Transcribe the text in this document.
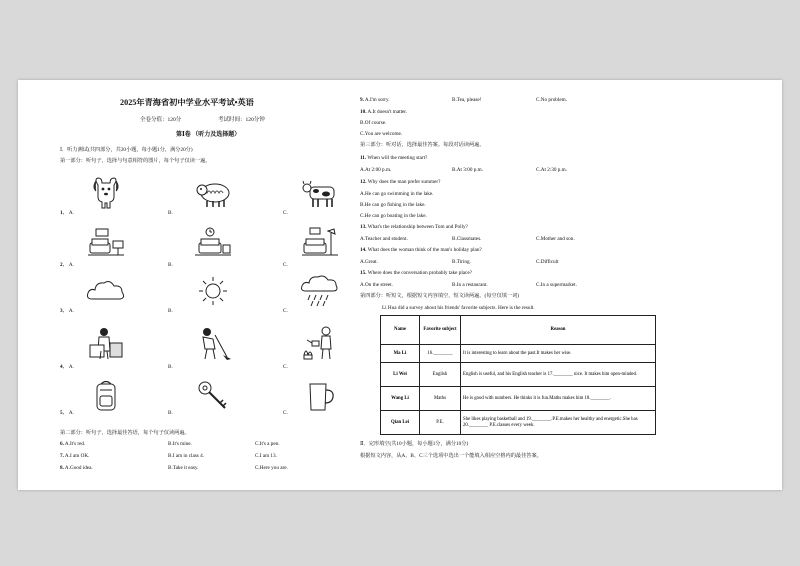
2025年青海省初中学业水平考试•英语
全卷分值：120分	考试时间：120分钟
第Ⅰ卷 （听力及选择题）
Ⅰ．听力测试(共四部分，共20小题，每小题1分，满分20分)
第一部分：听句子，选择与句意相符的图片，每个句子仅读一遍。
1． A.	B.	C.
2． A.	B.	C.
3． A.	B.	C.
4． A.	B.	C.
5． A.	B.	C.
第二部分：听句子，选择最佳答语，每个句子仅读两遍。
6. A.It's red.	B.It's mine.	C.It's a pen.
7. A.I am OK.	B.I am in class 4.	C.I am 13.
8. A.Good idea.	B.Take it easy.	C.Here you are.
9. A.I'm sorry.	B.Tea, please!	C.No problem.
10. A.It doesn't matter.
B.Of course.
C.You are welcome.
第三部分：听对话，选择最佳答案。每段对话读两遍。
11. When will the meeting start?
A.At 2:00 p.m.	B.At 3:00 p.m.	C.At 2:30 p.m.
12. Why does the man prefer summer?
A.He can go swimming in the lake.
B.He can go fishing in the lake.
C.He can go boating in the lake.
13. What's the relationship between Tom and Polly?
A.Teacher and student.	B.Classmates.	C.Mother and son.
14. What does the woman think of the man's holiday plan?
A.Great.	B.Tiring.	C.Difficult
15. Where does the conversation probably take place?
A.On the street.	B.In a restaurant.	C.In a supermarket.
第四部分：听短文，根据短文内容填空，短文读两遍。(每空仅填一词)
Li Hua did a survey about his friends' favorite subjects. Here is the result.
Name	Favorite subject	Reason
Ma Li	16.________	It is interesting to learn about the past.It makes her wise.
Li Wei	English	English is useful, and his English teacher is 17.________ nice. It makes him open-minded.
Wang Li	Maths	He is good with numbers. He thinks it is fun.Maths makes him 18.________.
Qian Lei	P.E.	She likes playing basketball and 19.________.P.E.makes her healthy and energetic.She has 20.________ P.E.classes every week.
Ⅱ．完形填空(共10小题，每小题1分，满分10分)
根据短文内容，从A、B、C三个选项中选出一个能填入相应空格内的最佳答案。
